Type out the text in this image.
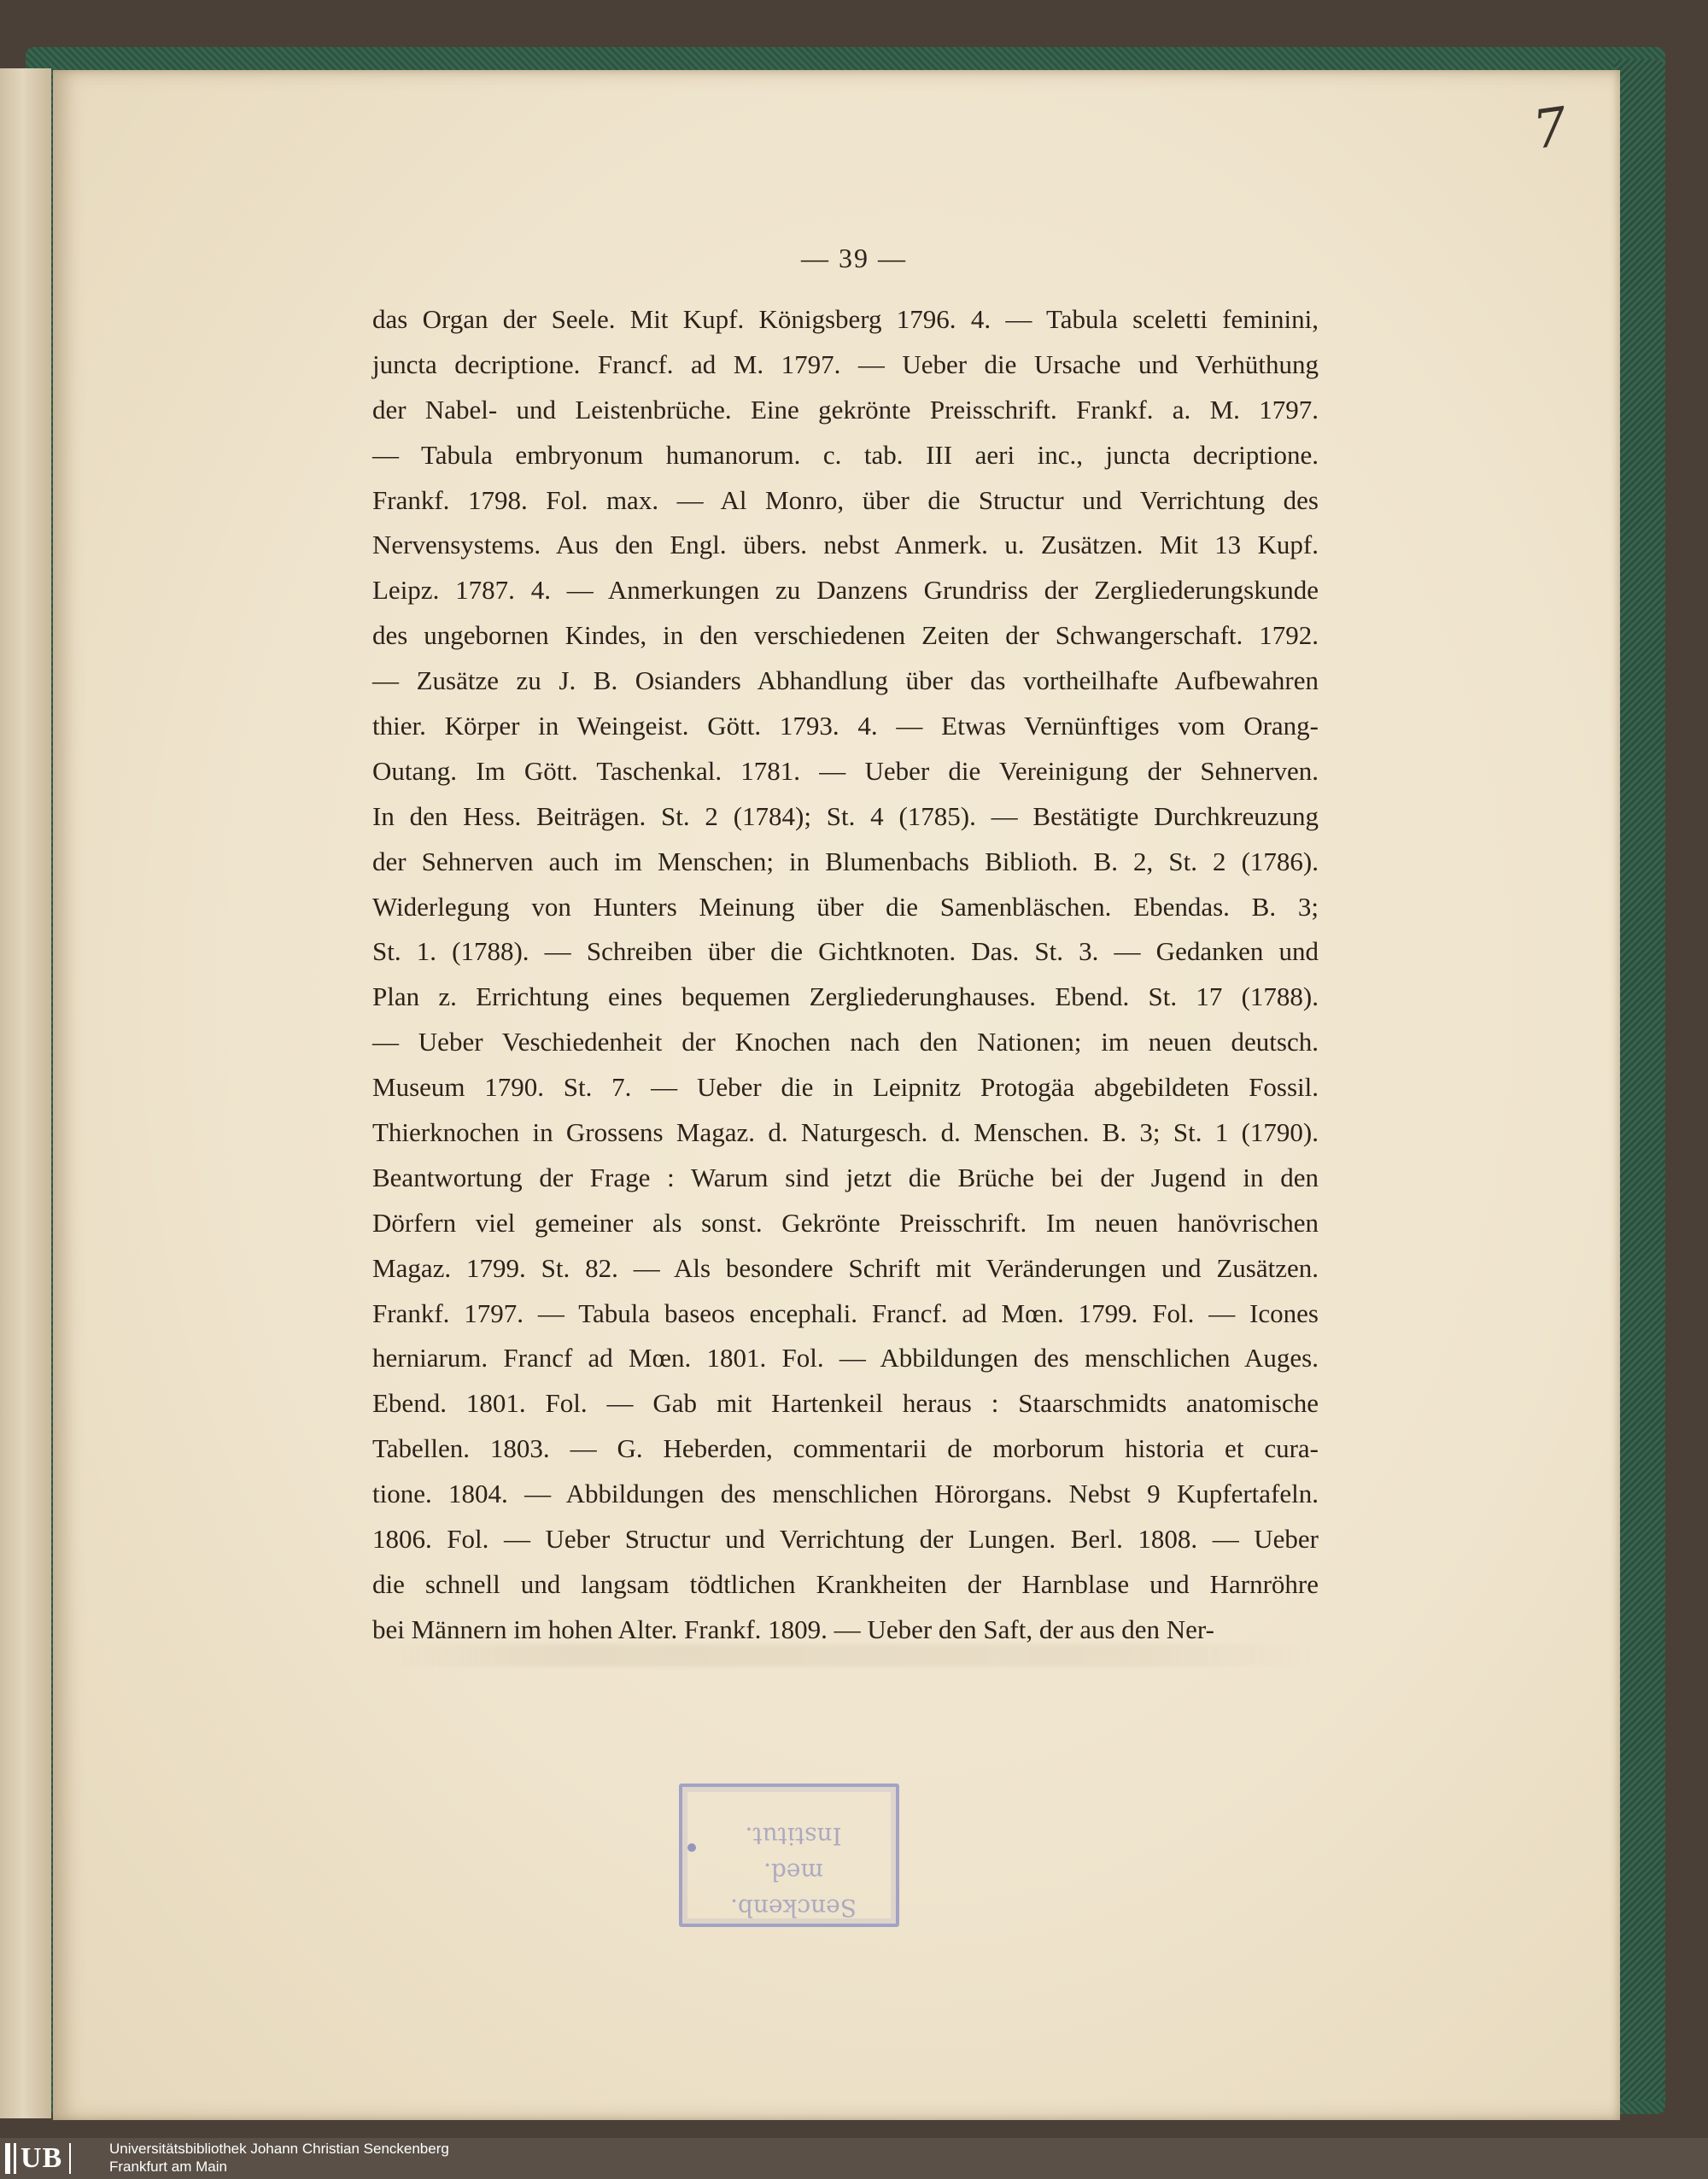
7
— 39 —
das Organ der Seele. Mit Kupf. Königsberg 1796. 4. — Tabula sceletti feminini,
juncta decriptione. Francf. ad M. 1797. — Ueber die Ursache und Verhüthung
der Nabel- und Leistenbrüche. Eine gekrönte Preisschrift. Frankf. a. M. 1797.
— Tabula embryonum humanorum. c. tab. III aeri inc., juncta decriptione.
Frankf. 1798. Fol. max. — Al Monro, über die Structur und Verrichtung des
Nervensystems. Aus den Engl. übers. nebst Anmerk. u. Zusätzen. Mit 13 Kupf.
Leipz. 1787. 4. — Anmerkungen zu Danzens Grundriss der Zergliederungskunde
des ungebornen Kindes, in den verschiedenen Zeiten der Schwangerschaft. 1792.
— Zusätze zu J. B. Osianders Abhandlung über das vortheilhafte Aufbewahren
thier. Körper in Weingeist. Gött. 1793. 4. — Etwas Vernünftiges vom Orang-
Outang. Im Gött. Taschenkal. 1781. — Ueber die Vereinigung der Sehnerven.
In den Hess. Beiträgen. St. 2 (1784); St. 4 (1785). — Bestätigte Durchkreuzung
der Sehnerven auch im Menschen; in Blumenbachs Biblioth. B. 2, St. 2 (1786).
Widerlegung von Hunters Meinung über die Samenbläschen. Ebendas. B. 3;
St. 1. (1788). — Schreiben über die Gichtknoten. Das. St. 3. — Gedanken und
Plan z. Errichtung eines bequemen Zergliederunghauses. Ebend. St. 17 (1788).
— Ueber Veschiedenheit der Knochen nach den Nationen; im neuen deutsch.
Museum 1790. St. 7. — Ueber die in Leipnitz Protogäa abgebildeten Fossil.
Thierknochen in Grossens Magaz. d. Naturgesch. d. Menschen. B. 3; St. 1 (1790).
Beantwortung der Frage : Warum sind jetzt die Brüche bei der Jugend in den
Dörfern viel gemeiner als sonst. Gekrönte Preisschrift. Im neuen hanövrischen
Magaz. 1799. St. 82. — Als besondere Schrift mit Veränderungen und Zusätzen.
Frankf. 1797. — Tabula baseos encephali. Francf. ad Mœn. 1799. Fol. — Icones
herniarum. Francf ad Mœn. 1801. Fol. — Abbildungen des menschlichen Auges.
Ebend. 1801. Fol. — Gab mit Hartenkeil heraus : Staarschmidts anatomische
Tabellen. 1803. — G. Heberden, commentarii de morborum historia et cura-
tione. 1804. — Abbildungen des menschlichen Hörorgans. Nebst 9 Kupfertafeln.
1806. Fol. — Ueber Structur und Verrichtung der Lungen. Berl. 1808. — Ueber
die schnell und langsam tödtlichen Krankheiten der Harnblase und Harnröhre
bei Männern im hohen Alter. Frankf. 1809. — Ueber den Saft, der aus den Ner-
Senckenb.
med. Institut.
UB	Universitätsbibliothek Johann Christian Senckenberg
Frankfurt am Main
